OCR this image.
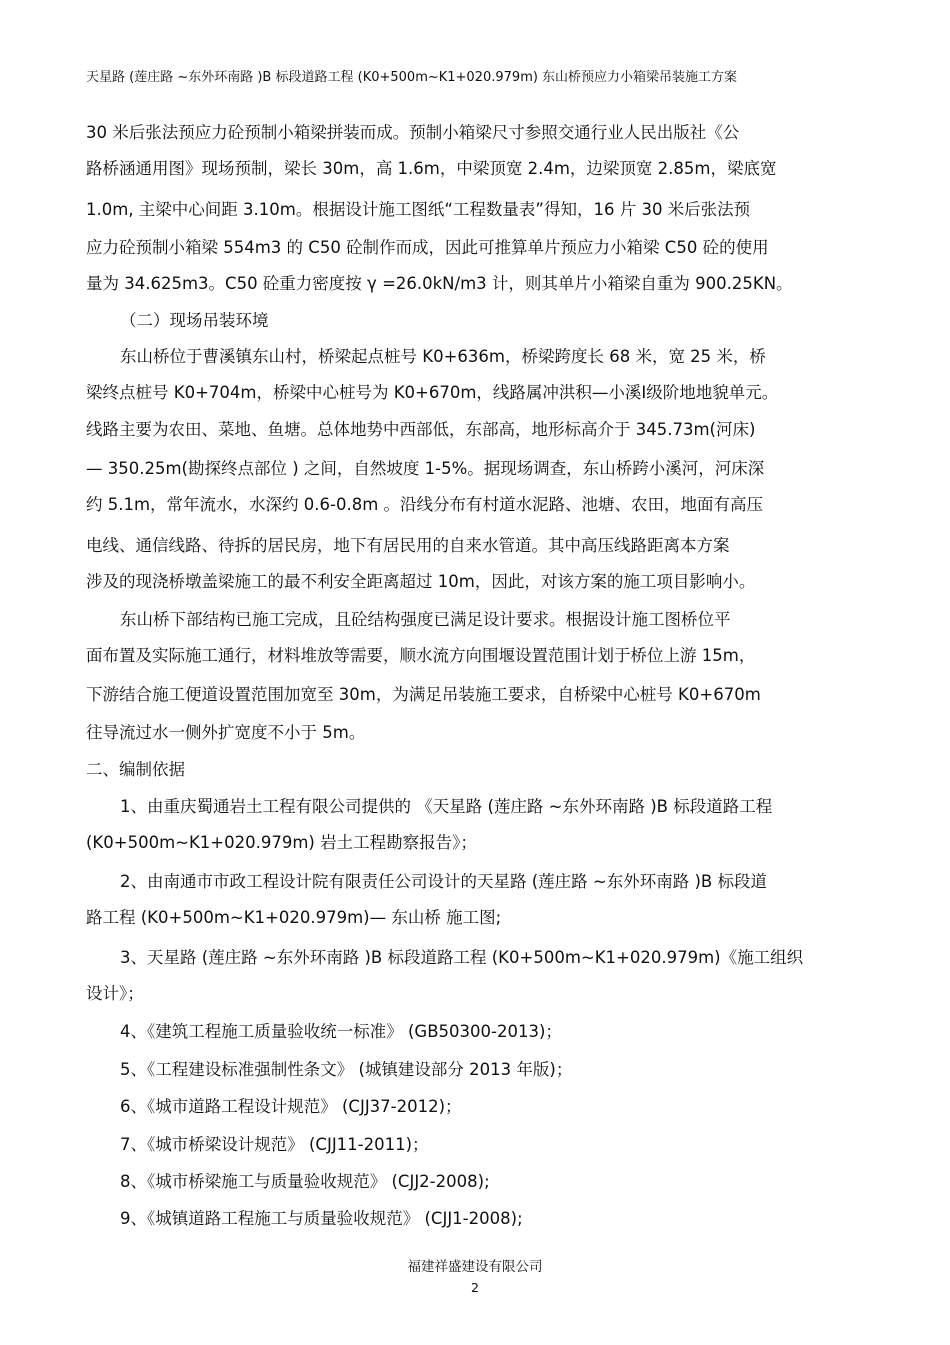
天星路 (莲庄路 ~东外环南路 )B 标段道路工程 (K0+500m~K1+020.979m) 东山桥预应力小箱梁吊装施工方案
30 米后张法预应力砼预制小箱梁拼装而成。预制小箱梁尺寸参照交通行业人民出版社《公
路桥涵通用图》现场预制，梁长 30m，高 1.6m，中梁顶宽 2.4m，边梁顶宽 2.85m，梁底宽
1.0m, 主梁中心间距 3.10m。根据设计施工图纸“工程数量表”得知，16 片 30 米后张法预
应力砼预制小箱梁 554m3 的 C50 砼制作而成，因此可推算单片预应力小箱梁 C50 砼的使用
量为 34.625m3。C50 砼重力密度按 γ =26.0kN/m3 计，则其单片小箱梁自重为 900.25KN。
（二）现场吊装环境
东山桥位于曹溪镇东山村，桥梁起点桩号 K0+636m，桥梁跨度长 68 米，宽 25 米，桥
梁终点桩号 K0+704m，桥梁中心桩号为 K0+670m，线路属冲洪积—小溪Ⅰ级阶地地貌单元。
线路主要为农田、菜地、鱼塘。总体地势中西部低，东部高，地形标高介于 345.73m(河床)
— 350.25m(勘探终点部位 ) 之间，自然坡度 1-5%。据现场调查，东山桥跨小溪河，河床深
约 5.1m，常年流水，水深约 0.6-0.8m 。沿线分布有村道水泥路、池塘、农田，地面有高压
电线、通信线路、待拆的居民房，地下有居民用的自来水管道。其中高压线路距离本方案
涉及的现浇桥墩盖梁施工的最不利安全距离超过 10m，因此，对该方案的施工项目影响小。
东山桥下部结构已施工完成，且砼结构强度已满足设计要求。根据设计施工图桥位平
面布置及实际施工通行，材料堆放等需要，顺水流方向围堰设置范围计划于桥位上游 15m，
下游结合施工便道设置范围加宽至 30m，为满足吊装施工要求，自桥梁中心桩号 K0+670m
往导流过水一侧外扩宽度不小于 5m。
二、编制依据
1、由重庆蜀通岩土工程有限公司提供的 《天星路 (莲庄路 ~东外环南路 )B 标段道路工程
(K0+500m~K1+020.979m) 岩土工程勘察报告》；
2、由南通市市政工程设计院有限责任公司设计的天星路 (莲庄路 ~东外环南路 )B 标段道
路工程 (K0+500m~K1+020.979m)— 东山桥 施工图;
3、天星路 (莲庄路 ~东外环南路 )B 标段道路工程 (K0+500m~K1+020.979m)《施工组织
设计》；
4、《建筑工程施工质量验收统一标准》 (GB50300-2013)；
5、《工程建设标准强制性条文》 (城镇建设部分 2013 年版)；
6、《城市道路工程设计规范》 (CJJ37-2012)；
7、《城市桥梁设计规范》 (CJJ11-2011)；
8、《城市桥梁施工与质量验收规范》 (CJJ2-2008);
9、《城镇道路工程施工与质量验收规范》 (CJJ1-2008);
福建祥盛建设有限公司
2
